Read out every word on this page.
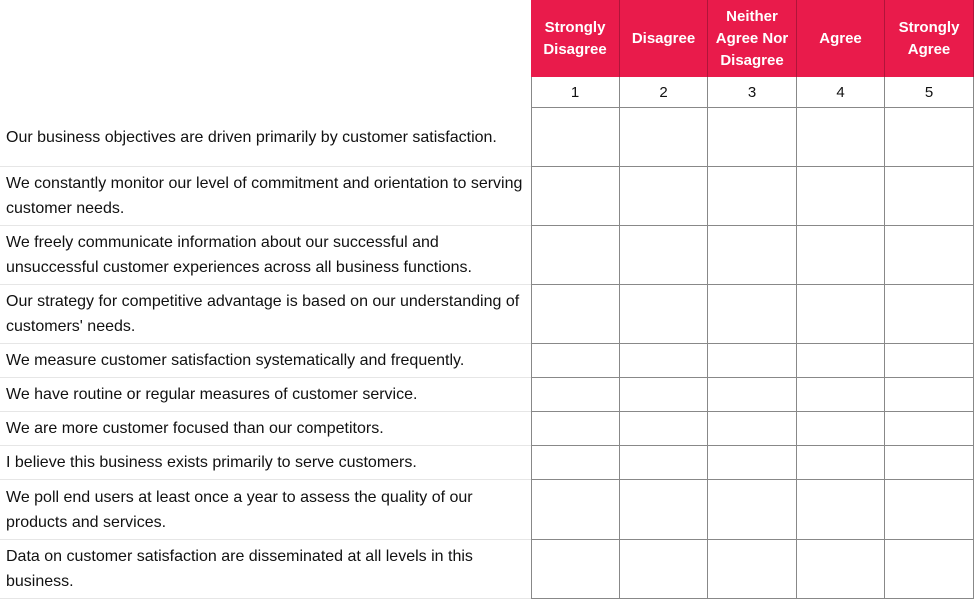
Strongly Disagree
1
Disagree
2
Neither Agree Nor Disagree
3
Agree
4
Strongly Agree
5
Our business objectives are driven primarily by customer satisfaction.
We constantly monitor our level of commitment and orientation to serving customer needs.
We freely communicate information about our successful and unsuccessful customer experiences across all business functions.
Our strategy for competitive advantage is based on our understanding of customers' needs.
We measure customer satisfaction systematically and frequently.
We have routine or regular measures of customer service.
We are more customer focused than our competitors.
I believe this business exists primarily to serve customers.
We poll end users at least once a year to assess the quality of our products and services.
Data on customer satisfaction are disseminated at all levels in this business.
